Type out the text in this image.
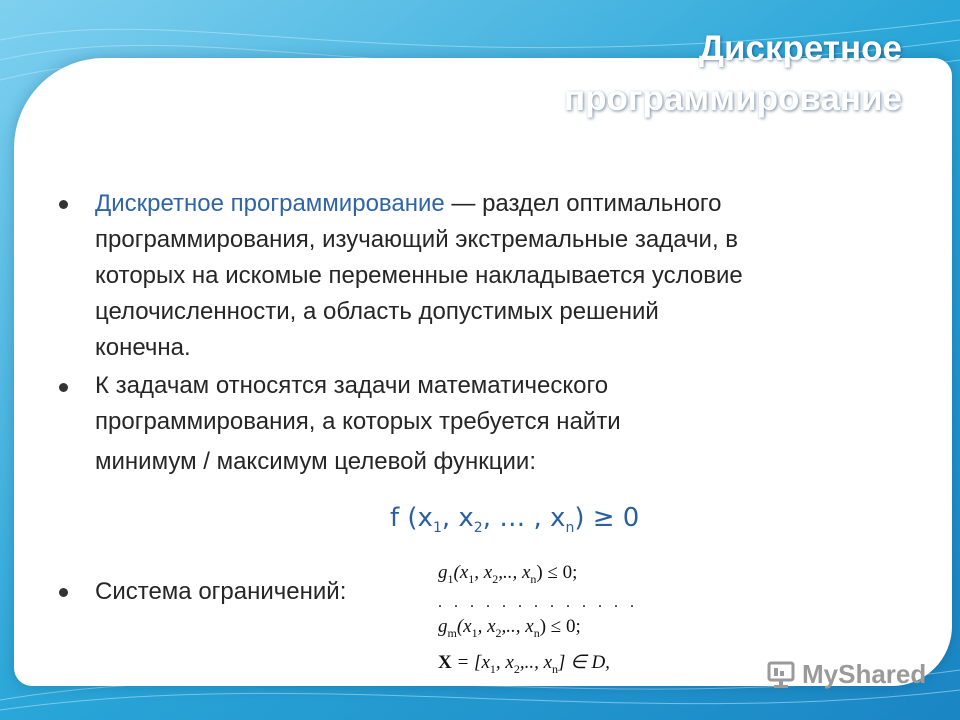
Дискретное
программирование
Дискретное программирование — раздел оптимального
программирования, изучающий экстремальные задачи, в
которых на искомые переменные накладывается условие
целочисленности, а область допустимых решений
конечна.
К задачам относятся задачи математического
программирования, а которых требуется найти
минимум / максимум целевой функции:
Система ограничений:
f ($x_1$, $x_2$, … , $x_n) \ge 0$
$g_1(x_1$, $x_2$,.., $x_n) \le 0$;
. . . . . . . . . . . . .
$g_m(x_1$, $x_2$,.., $x_n) \le 0$;
$X = [x_1$, $x_2$,.., $x_n$] ∈ D,	MyShared
